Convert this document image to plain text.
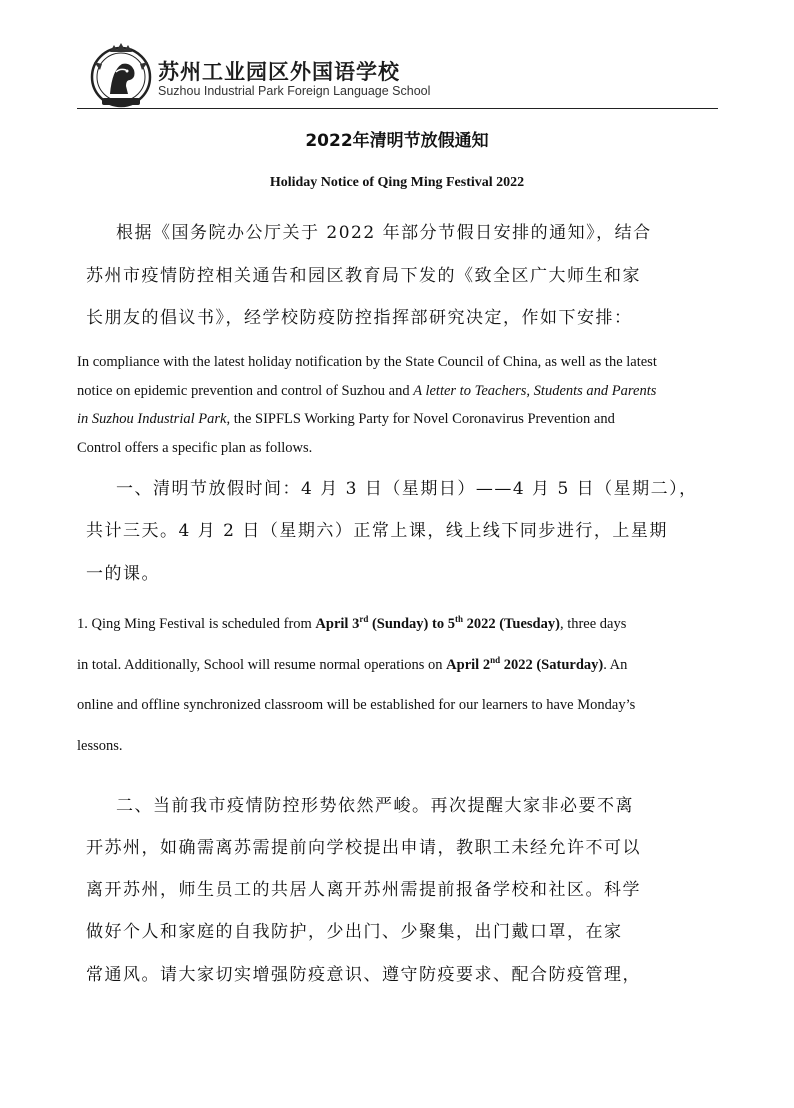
苏州工业园区外国语学校
Suzhou Industrial Park Foreign Language School
2022年清明节放假通知
Holiday Notice of Qing Ming Festival 2022
根据《国务院办公厅关于 2022 年部分节假日安排的通知》，结合
苏州市疫情防控相关通告和园区教育局下发的《致全区广大师生和家
长朋友的倡议书》，经学校防疫防控指挥部研究决定，作如下安排：
In compliance with the latest holiday notification by the State Council of China, as well as the latest
notice on epidemic prevention and control of Suzhou and A letter to Teachers, Students and Parents
in Suzhou Industrial Park, the SIPFLS Working Party for Novel Coronavirus Prevention and
Control offers a specific plan as follows.
一、清明节放假时间：4 月 3 日（星期日）——4 月 5 日（星期二），
共计三天。4 月 2 日（星期六）正常上课，线上线下同步进行，上星期
一的课。
1. Qing Ming Festival is scheduled from April 3rd (Sunday) to 5th 2022 (Tuesday), three days
in total. Additionally, School will resume normal operations on April 2nd 2022 (Saturday). An
online and offline synchronized classroom will be established for our learners to have Monday’s
lessons.
二、当前我市疫情防控形势依然严峻。再次提醒大家非必要不离
开苏州，如确需离苏需提前向学校提出申请，教职工未经允许不可以
离开苏州，师生员工的共居人离开苏州需提前报备学校和社区。科学
做好个人和家庭的自我防护，少出门、少聚集，出门戴口罩，在家
常通风。请大家切实增强防疫意识、遵守防疫要求、配合防疫管理，
